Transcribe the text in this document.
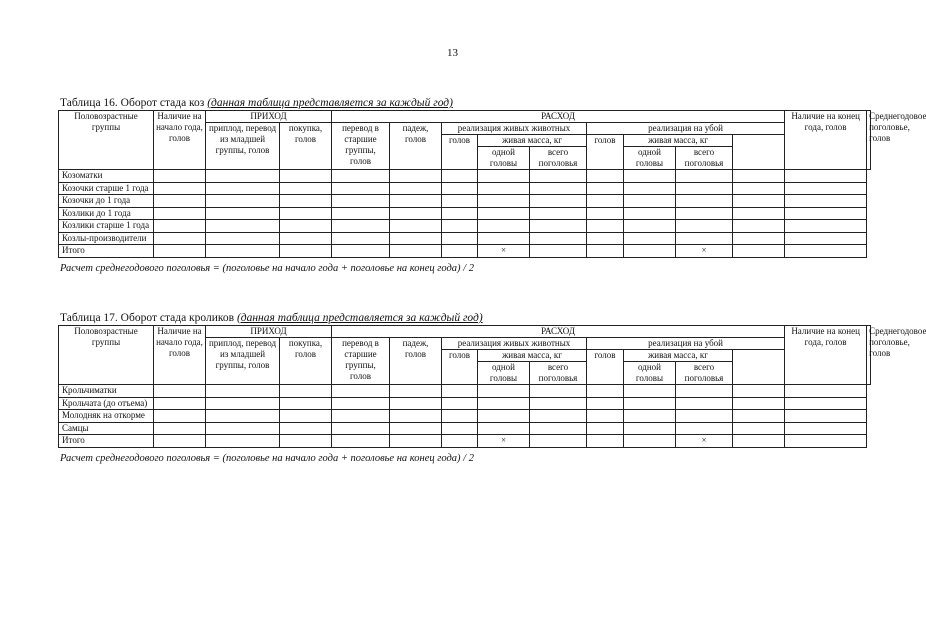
13
Таблица 16. Оборот стада коз (данная таблица представляется за каждый год)
Половозрастные группы	Наличие на начало года, голов	ПРИХОД		РАСХОД									Наличие на конец года, голов	Среднегодовое поголовье, голов
		приплод, перевод из младшей группы, голов	покупка, голов	перевод в старшие группы, голов	падеж, голов	реализация живых животных			реализация на убой					
						голов	живая масса, кг		голов	живая масса, кг				
							одной головы	всего поголовья		одной головы	всего поголовья			
Козоматки														
Козочки старше 1 года														
Козочки до 1 года														
Козлики до 1 года														
Козлики старше 1 года														
Козлы-производители														
Итого							×				×			
Расчет среднегодового поголовья = (поголовье на начало года + поголовье на конец года) / 2
Таблица 17. Оборот стада кроликов (данная таблица представляется за каждый год)
Половозрастные группы	Наличие на начало года, голов	ПРИХОД		РАСХОД									Наличие на конец года, голов	Среднегодовое поголовье, голов
		приплод, перевод из младшей группы, голов	покупка, голов	перевод в старшие группы, голов	падеж, голов	реализация живых животных			реализация на убой					
						голов	живая масса, кг		голов	живая масса, кг				
							одной головы	всего поголовья		одной головы	всего поголовья			
Крольчиматки														
Крольчата (до отъема)														
Молодняк на откорме														
Самцы														
Итого							×				×			
Расчет среднегодового поголовья = (поголовье на начало года + поголовье на конец года) / 2
